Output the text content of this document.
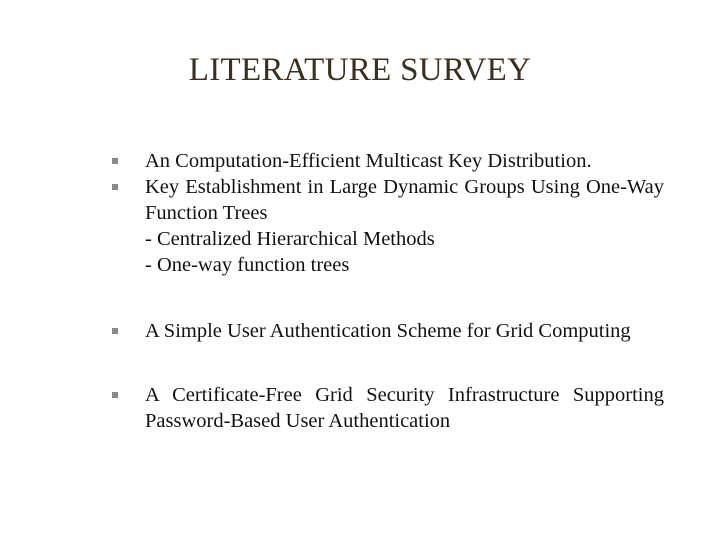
LITERATURE SURVEY
An Computation-Efficient Multicast Key Distribution.
Key Establishment in Large Dynamic Groups Using One-Way Function Trees
- Centralized Hierarchical Methods
- One-way function trees
A Simple User Authentication Scheme for Grid Computing
A Certificate-Free Grid Security Infrastructure Supporting Password-Based User Authentication
